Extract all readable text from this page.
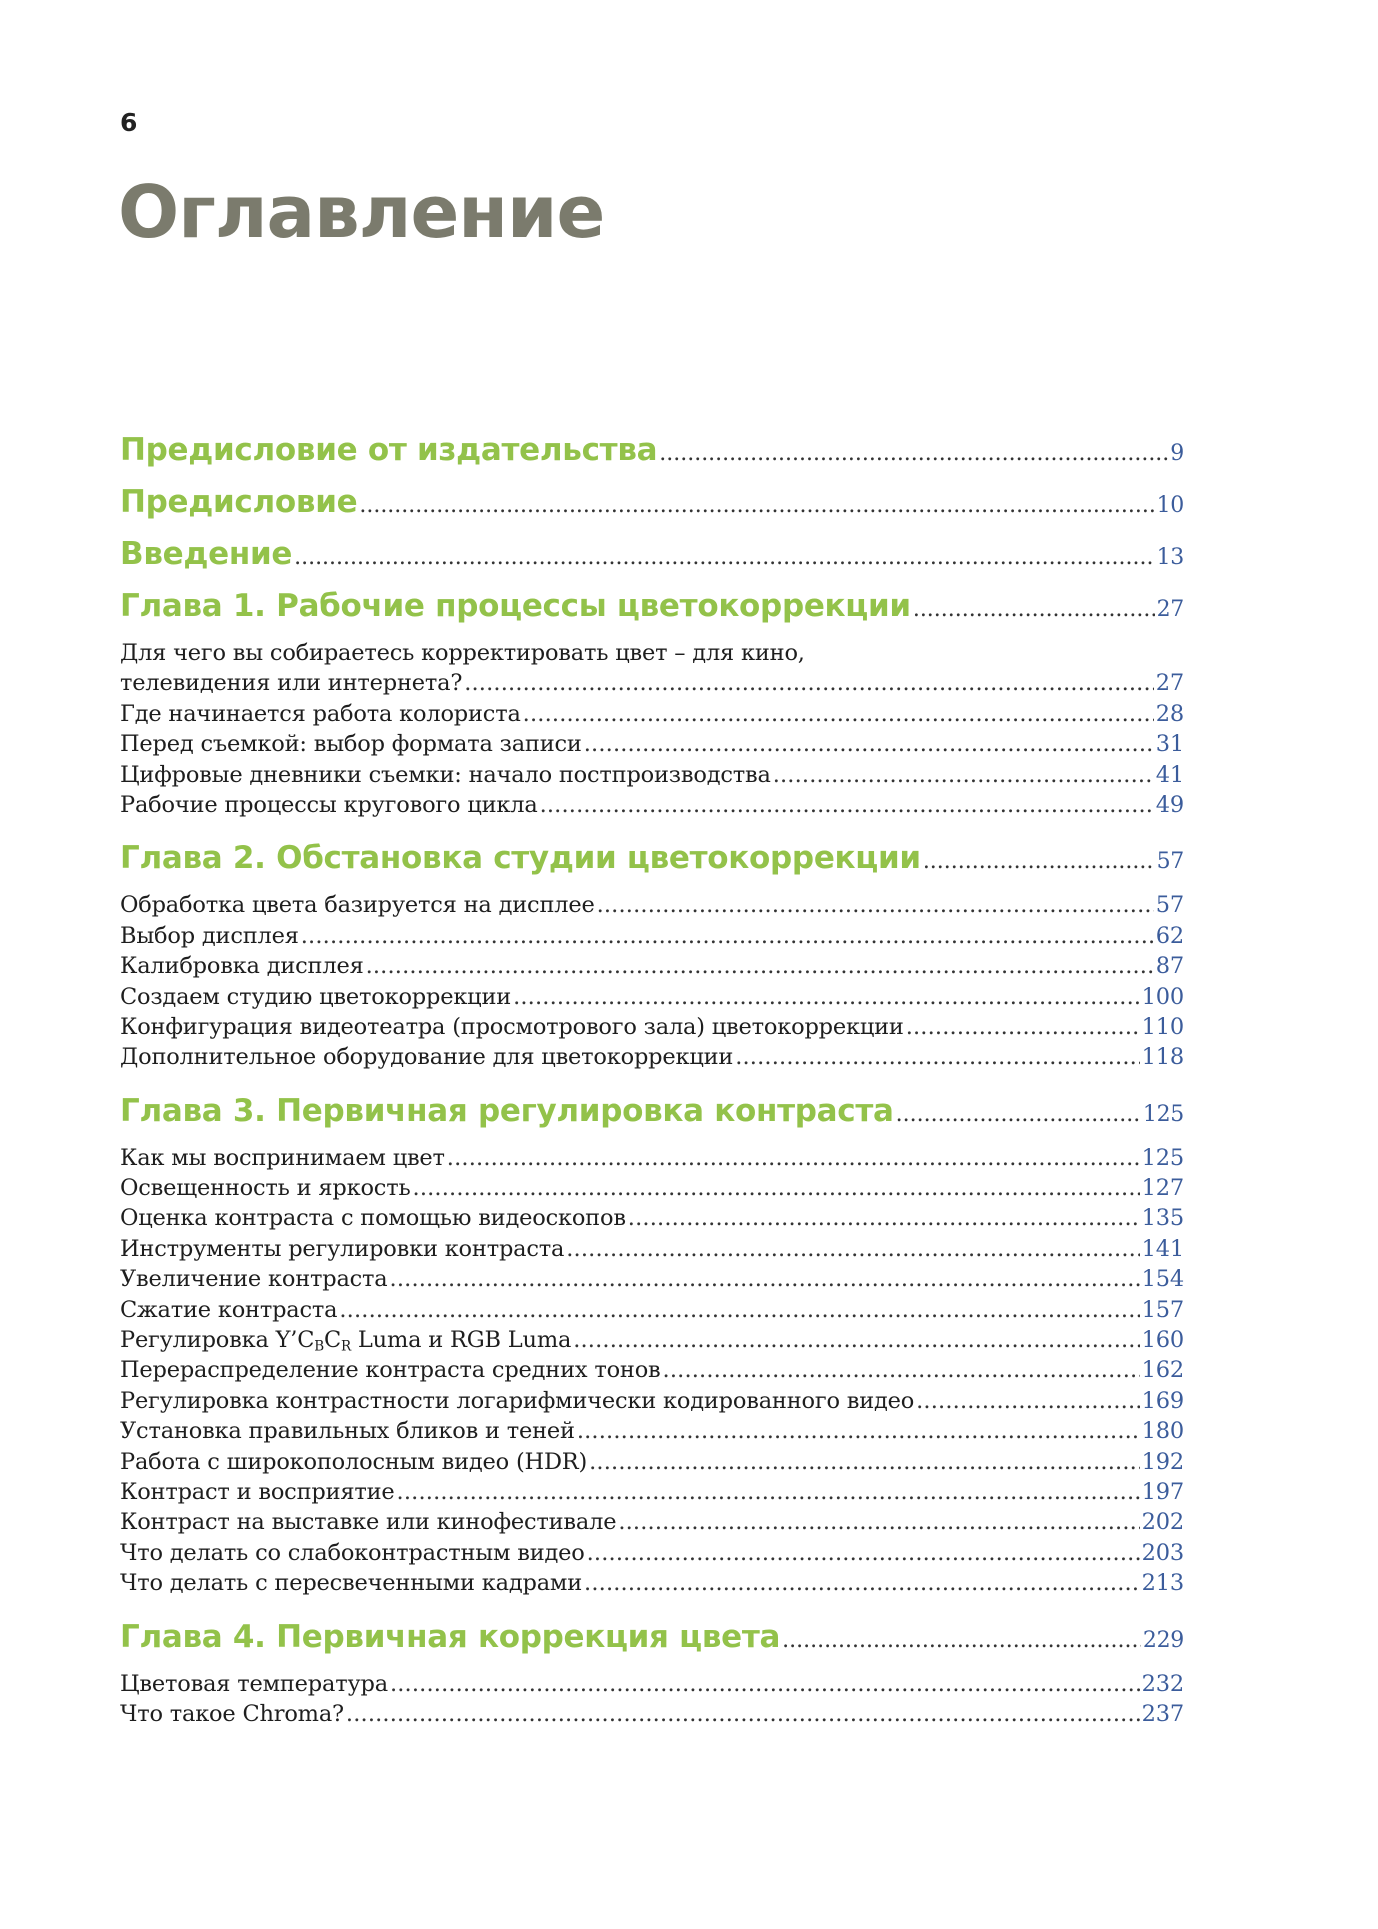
6
Оглавление
Предисловие от издательства . . .	9
Предисловие . . .	10
Введение . . .	13
Глава 1. Рабочие процессы цветокоррекции . . .	27
Для чего вы собираетесь корректировать цвет – для кино,
телевидения или интернета? . . .	27
Где начинается работа колориста . . .	28
Перед съемкой: выбор формата записи . . .	31
Цифровые дневники съемки: начало постпроизводства . . .	41
Рабочие процессы кругового цикла . . .	49
Глава 2. Обстановка студии цветокоррекции . . .	57
Обработка цвета базируется на дисплее . . .	57
Выбор дисплея . . .	62
Калибровка дисплея . . .	87
Создаем студию цветокоррекции . . .	100
Конфигурация видеотеатра (просмотрового зала) цветокоррекции . . .	110
Дополнительное оборудование для цветокоррекции . . .	118
Глава 3. Первичная регулировка контраста . . .	125
Как мы воспринимаем цвет . . .	125
Освещенность и яркость . . .	127
Оценка контраста с помощью видеоскопов . . .	135
Инструменты регулировки контраста . . .	141
Увеличение контраста . . .	154
Сжатие контраста . . .	157
Регулировка $Y’C_BC_R$ Luma и RGB Luma . . .	160
Перераспределение контраста средних тонов . . .	162
Регулировка контрастности логарифмически кодированного видео . . .	169
Установка правильных бликов и теней . . .	180
Работа с широкополосным видео (HDR) . . .	192
Контраст и восприятие . . .	197
Контраст на выставке или кинофестивале . . .	202
Что делать со слабоконтрастным видео . . .	203
Что делать с пересвеченными кадрами . . .	213
Глава 4. Первичная коррекция цвета . . .	229
Цветовая температура . . .	232
Что такое Chroma? . . .	237
